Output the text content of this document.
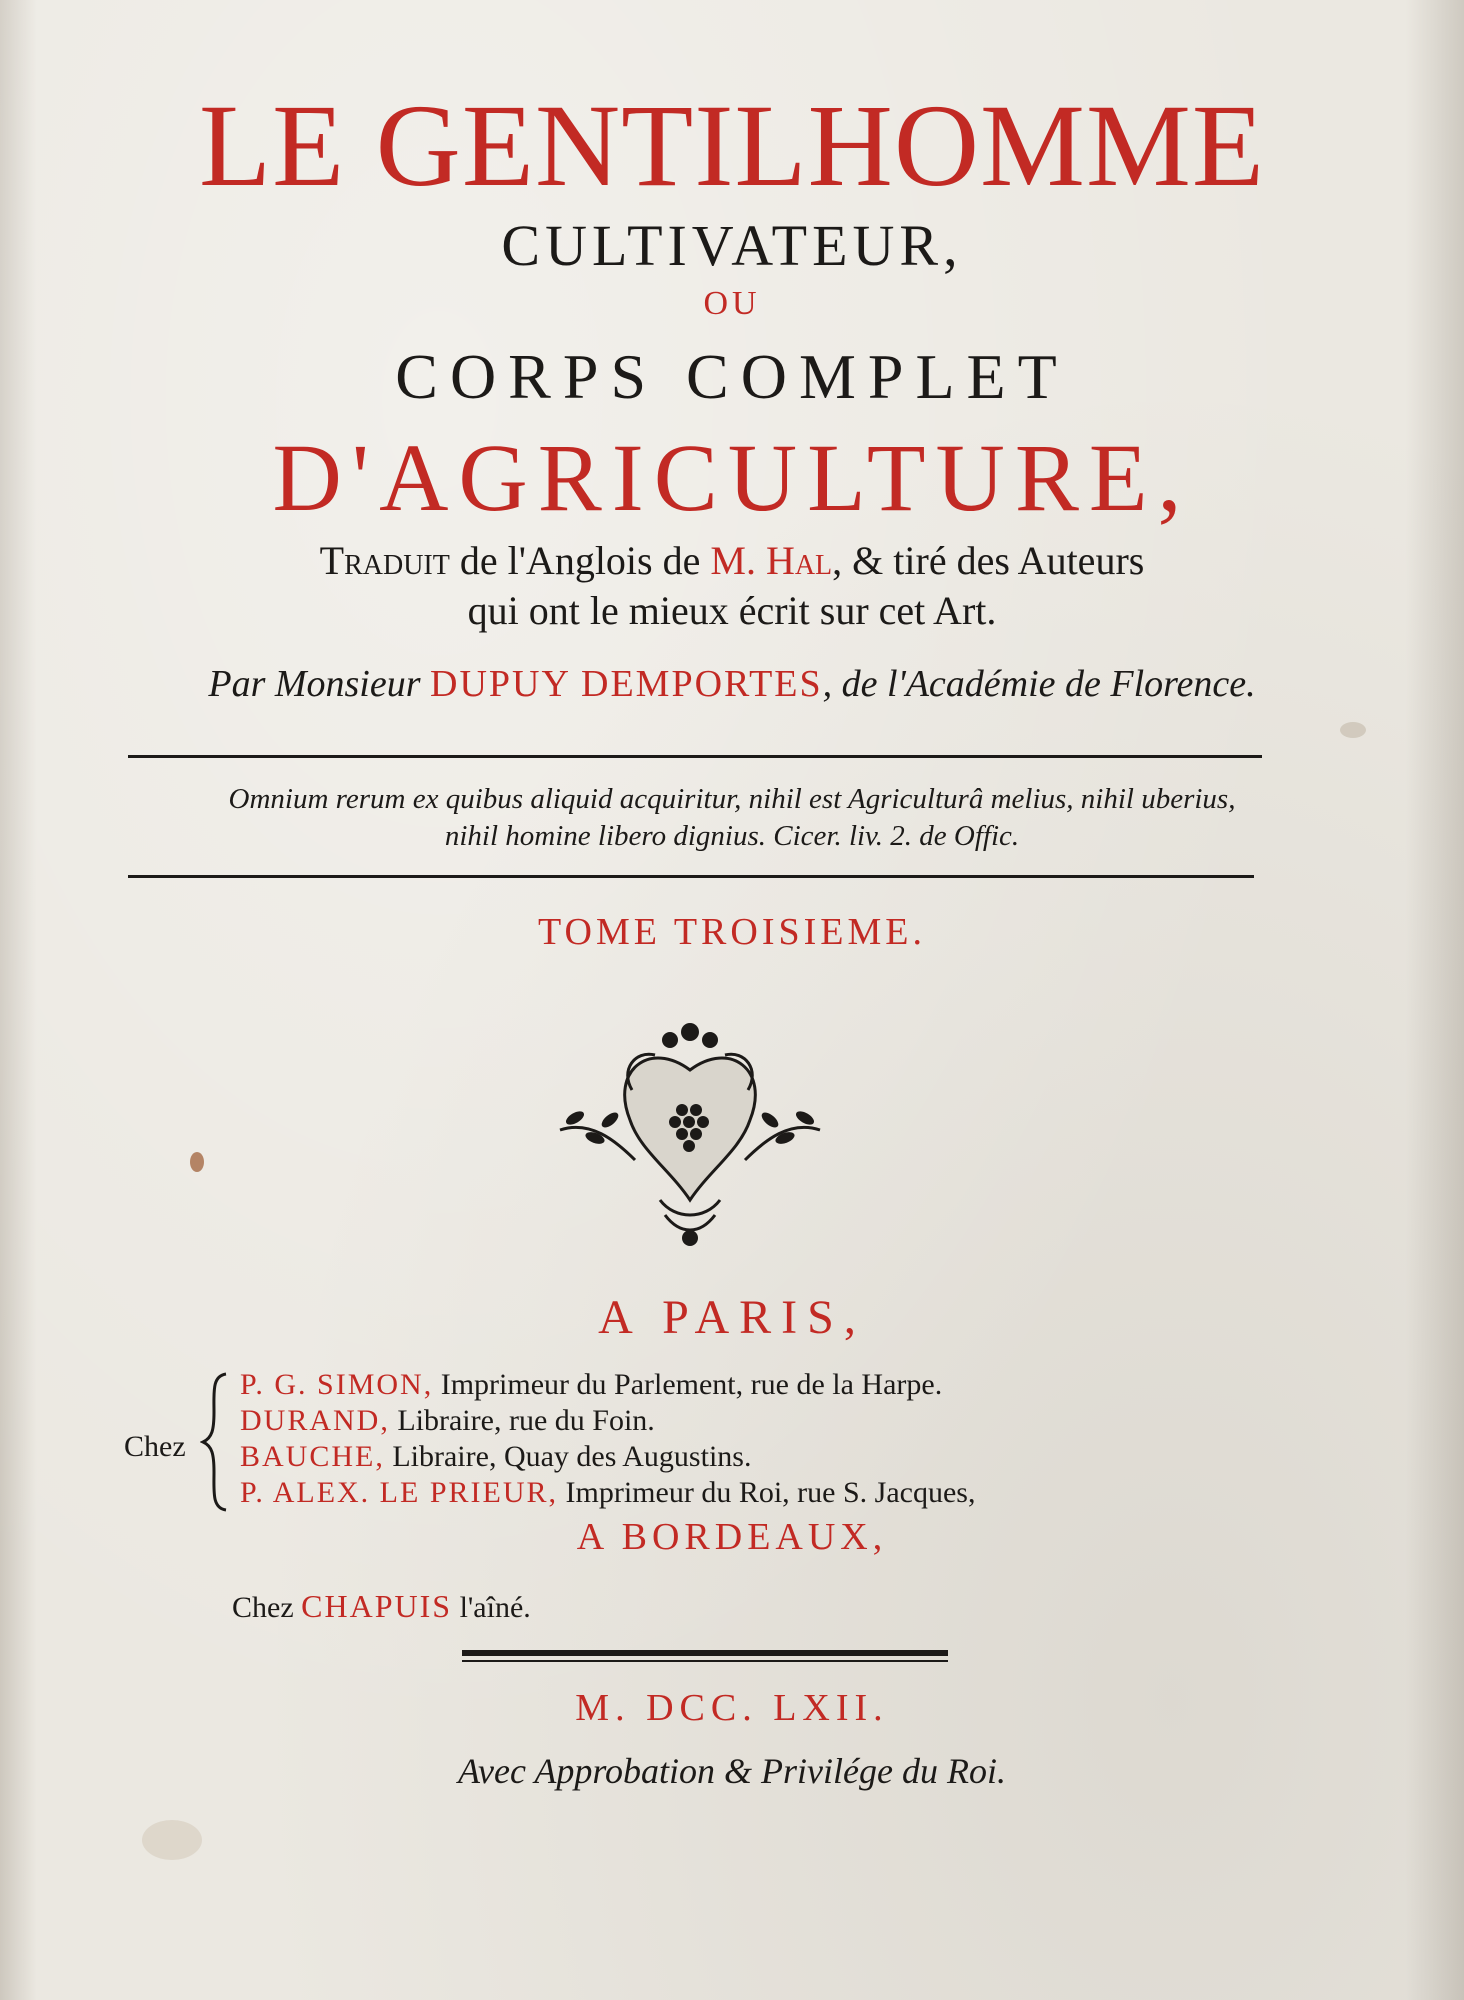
LE GENTILHOMME
CULTIVATEUR,
OU
CORPS COMPLET
D'AGRICULTURE,
Traduit de l'Anglois de M. Hal, & tiré des Auteurs
qui ont le mieux écrit sur cet Art.
Par Monsieur DUPUY DEMPORTES, de l'Académie de Florence.
Omnium rerum ex quibus aliquid acquiritur, nihil est Agriculturâ melius, nihil uberius,
nihil homine libero dignius. Cicer. liv. 2. de Offic.
TOME TROISIEME.
A PARIS,
Chez
P. G. SIMON, Imprimeur du Parlement, rue de la Harpe.
DURAND, Libraire, rue du Foin.
BAUCHE, Libraire, Quay des Augustins.
P. ALEX. LE PRIEUR, Imprimeur du Roi, rue S. Jacques,
A BORDEAUX,
Chez CHAPUIS l'aîné.
M. DCC. LXII.
Avec Approbation & Privilége du Roi.
